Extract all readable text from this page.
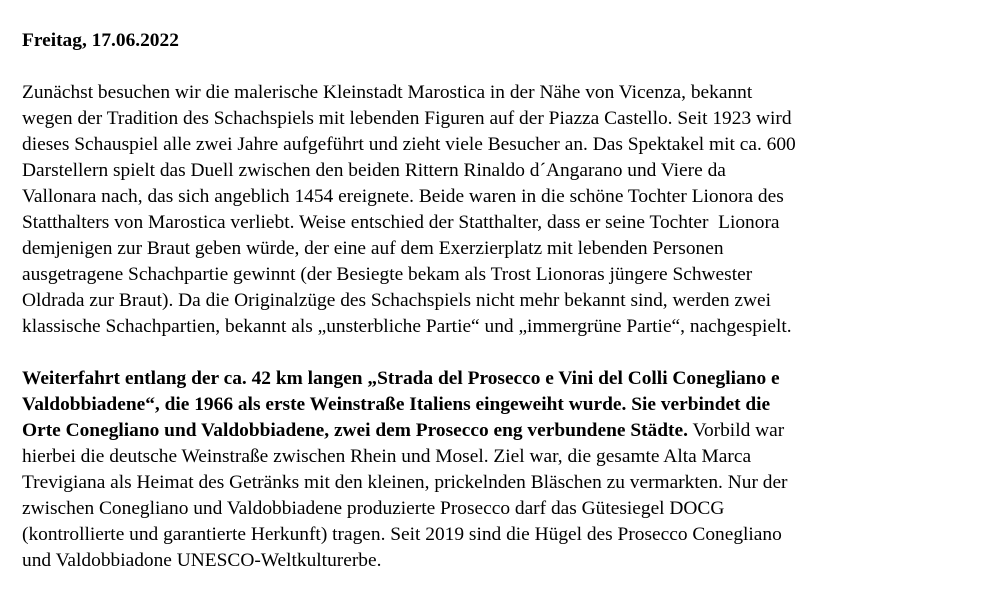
Freitag, 17.06.2022
Zunächst besuchen wir die malerische Kleinstadt Marostica in der Nähe von Vicenza, bekannt
wegen der Tradition des Schachspiels mit lebenden Figuren auf der Piazza Castello. Seit 1923 wird
dieses Schauspiel alle zwei Jahre aufgeführt und zieht viele Besucher an. Das Spektakel mit ca. 600
Darstellern spielt das Duell zwischen den beiden Rittern Rinaldo d´Angarano und Viere da
Vallonara nach, das sich angeblich 1454 ereignete. Beide waren in die schöne Tochter Lionora des
Statthalters von Marostica verliebt. Weise entschied der Statthalter, dass er seine Tochter  Lionora
demjenigen zur Braut geben würde, der eine auf dem Exerzierplatz mit lebenden Personen
ausgetragene Schachpartie gewinnt (der Besiegte bekam als Trost Lionoras jüngere Schwester
Oldrada zur Braut). Da die Originalzüge des Schachspiels nicht mehr bekannt sind, werden zwei
klassische Schachpartien, bekannt als „unsterbliche Partie“ und „immergrüne Partie“, nachgespielt.
Weiterfahrt entlang der ca. 42 km langen „Strada del Prosecco e Vini del Colli Conegliano e
Valdobbiadene“, die 1966 als erste Weinstraße Italiens eingeweiht wurde. Sie verbindet die
Orte Conegliano und Valdobbiadene, zwei dem Prosecco eng verbundene Städte. Vorbild war
hierbei die deutsche Weinstraße zwischen Rhein und Mosel. Ziel war, die gesamte Alta Marca
Trevigiana als Heimat des Getränks mit den kleinen, prickelnden Bläschen zu vermarkten. Nur der
zwischen Conegliano und Valdobbiadene produzierte Prosecco darf das Gütesiegel DOCG
(kontrollierte und garantierte Herkunft) tragen. Seit 2019 sind die Hügel des Prosecco Conegliano
und Valdobbiadone UNESCO-Weltkulturerbe.
